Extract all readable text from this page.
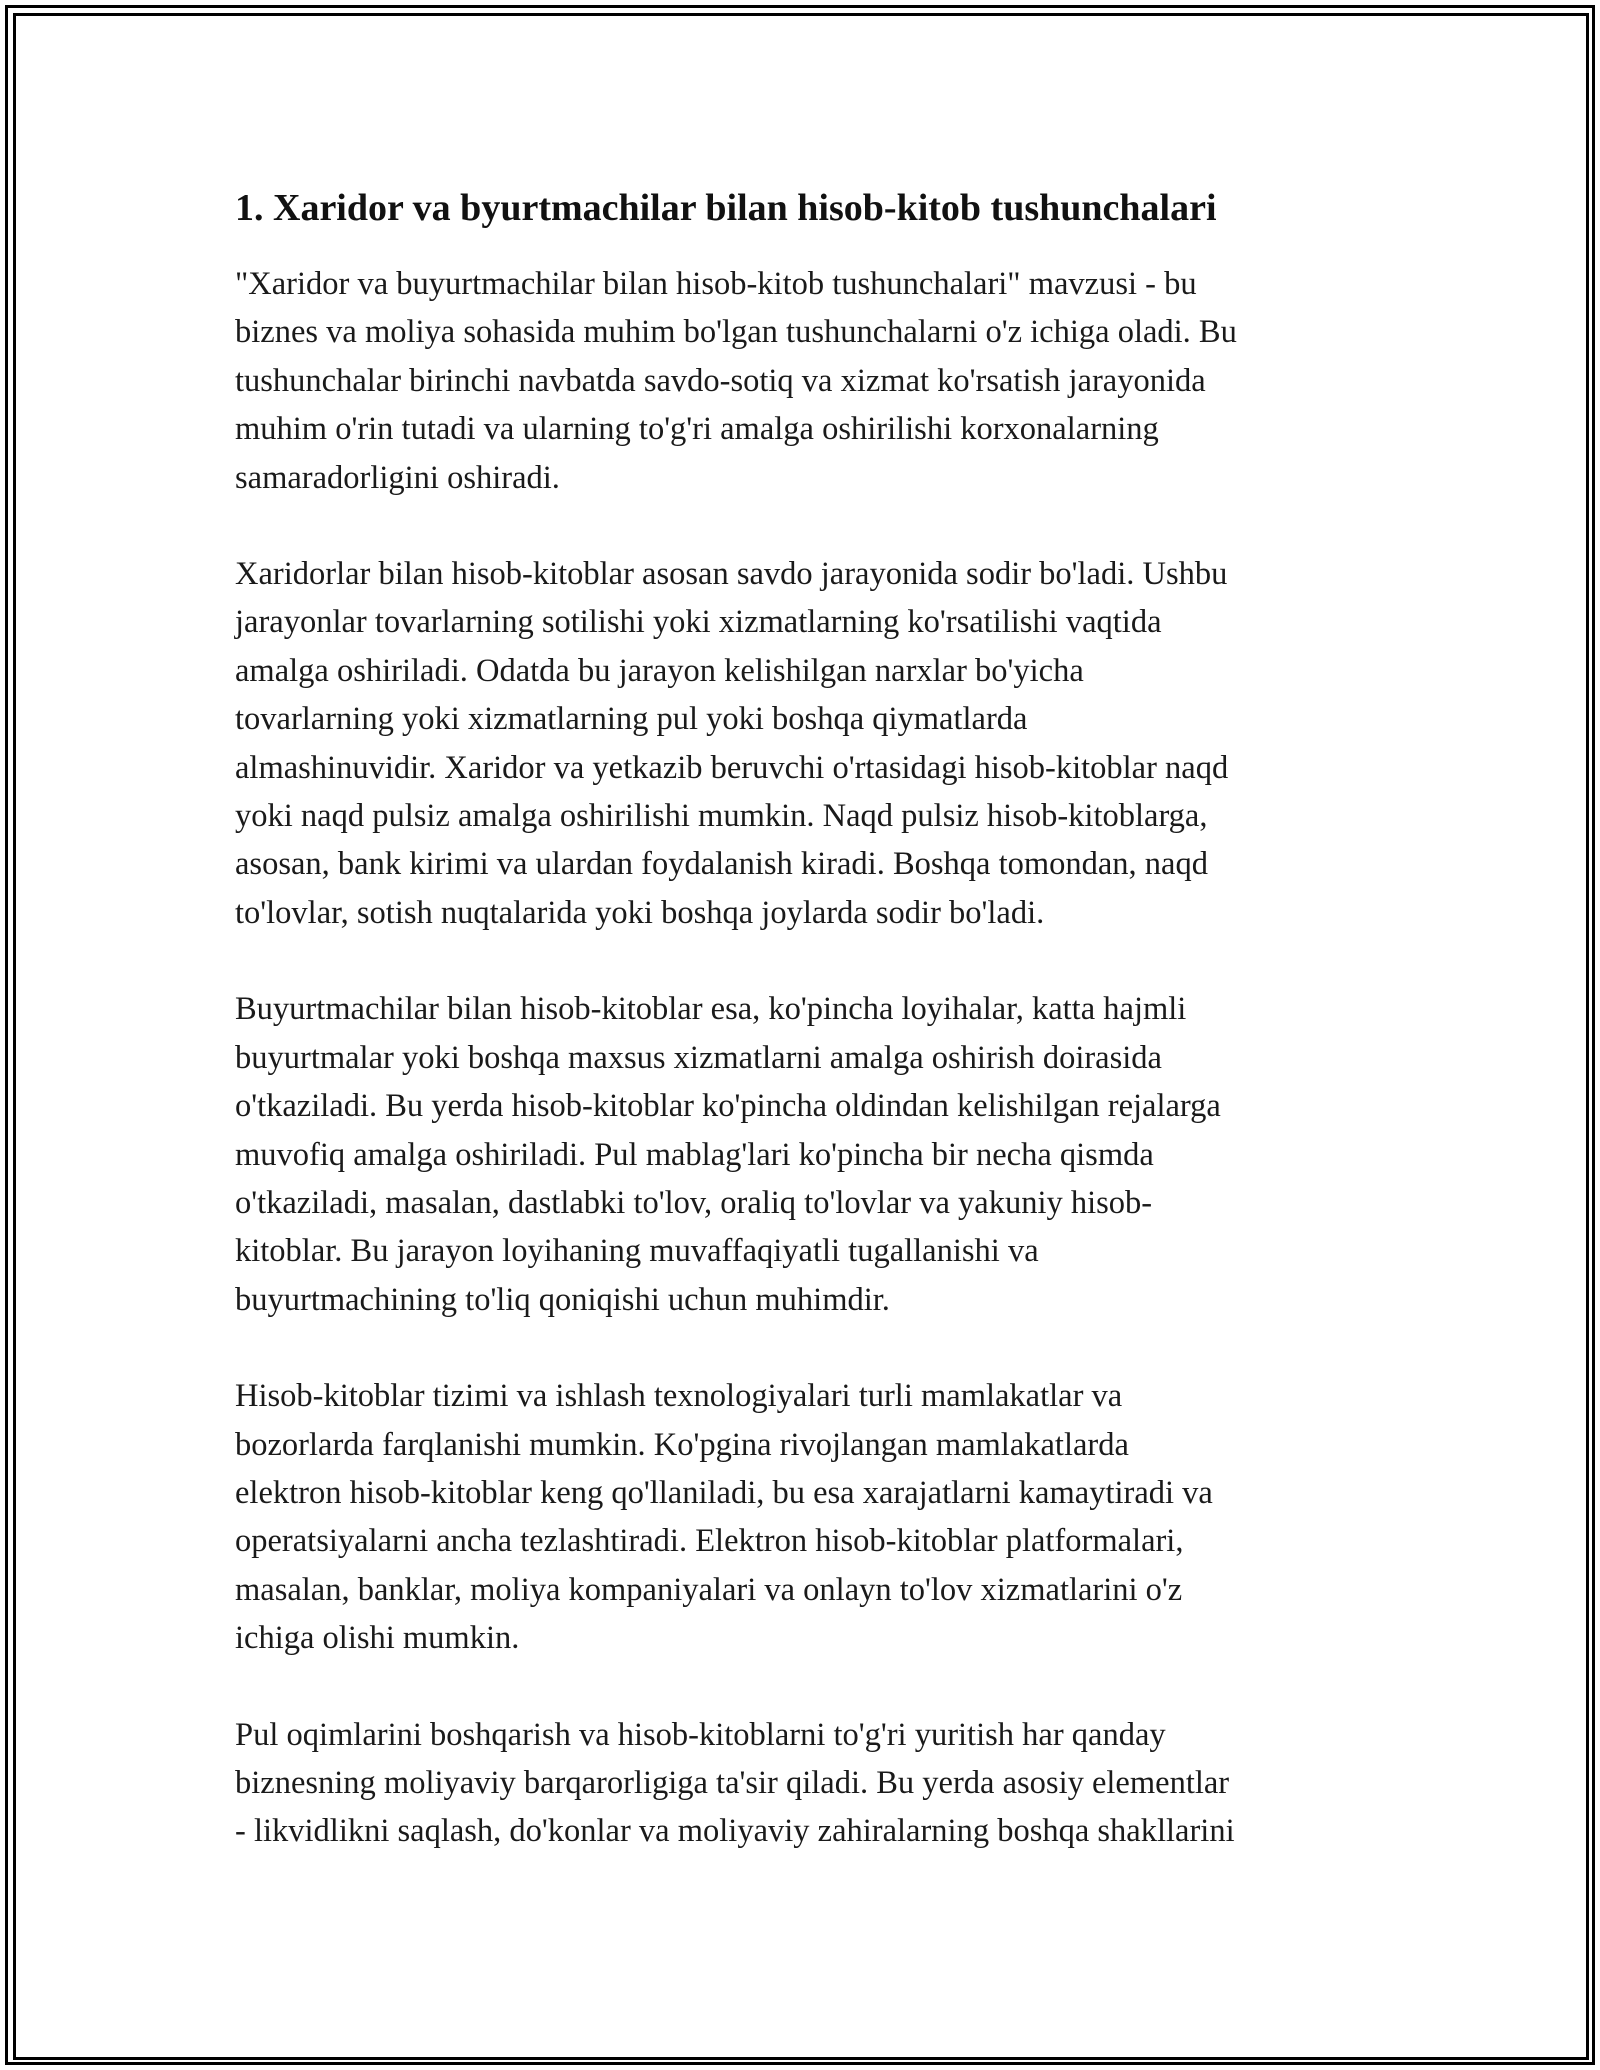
1. Xaridor va byurtmachilar bilan hisob-kitob tushunchalari

"Xaridor va buyurtmachilar bilan hisob-kitob tushunchalari" mavzusi - bu
biznes va moliya sohasida muhim bo'lgan tushunchalarni o'z ichiga oladi. Bu
tushunchalar birinchi navbatda savdo-sotiq va xizmat ko'rsatish jarayonida
muhim o'rin tutadi va ularning to'g'ri amalga oshirilishi korxonalarning
samaradorligini oshiradi.

Xaridorlar bilan hisob-kitoblar asosan savdo jarayonida sodir bo'ladi. Ushbu
jarayonlar tovarlarning sotilishi yoki xizmatlarning ko'rsatilishi vaqtida
amalga oshiriladi. Odatda bu jarayon kelishilgan narxlar bo'yicha
tovarlarning yoki xizmatlarning pul yoki boshqa qiymatlarda
almashinuvidir. Xaridor va yetkazib beruvchi o'rtasidagi hisob-kitoblar naqd
yoki naqd pulsiz amalga oshirilishi mumkin. Naqd pulsiz hisob-kitoblarga,
asosan, bank kirimi va ulardan foydalanish kiradi. Boshqa tomondan, naqd
to'lovlar, sotish nuqtalarida yoki boshqa joylarda sodir bo'ladi.

Buyurtmachilar bilan hisob-kitoblar esa, ko'pincha loyihalar, katta hajmli
buyurtmalar yoki boshqa maxsus xizmatlarni amalga oshirish doirasida
o'tkaziladi. Bu yerda hisob-kitoblar ko'pincha oldindan kelishilgan rejalarga
muvofiq amalga oshiriladi. Pul mablag'lari ko'pincha bir necha qismda
o'tkaziladi, masalan, dastlabki to'lov, oraliq to'lovlar va yakuniy hisob-
kitoblar. Bu jarayon loyihaning muvaffaqiyatli tugallanishi va
buyurtmachining to'liq qoniqishi uchun muhimdir.

Hisob-kitoblar tizimi va ishlash texnologiyalari turli mamlakatlar va
bozorlarda farqlanishi mumkin. Ko'pgina rivojlangan mamlakatlarda
elektron hisob-kitoblar keng qo'llaniladi, bu esa xarajatlarni kamaytiradi va
operatsiyalarni ancha tezlashtiradi. Elektron hisob-kitoblar platformalari,
masalan, banklar, moliya kompaniyalari va onlayn to'lov xizmatlarini o'z
ichiga olishi mumkin.

Pul oqimlarini boshqarish va hisob-kitoblarni to'g'ri yuritish har qanday
biznesning moliyaviy barqarorligiga ta'sir qiladi. Bu yerda asosiy elementlar
- likvidlikni saqlash, do'konlar va moliyaviy zahiralarning boshqa shakllarini
